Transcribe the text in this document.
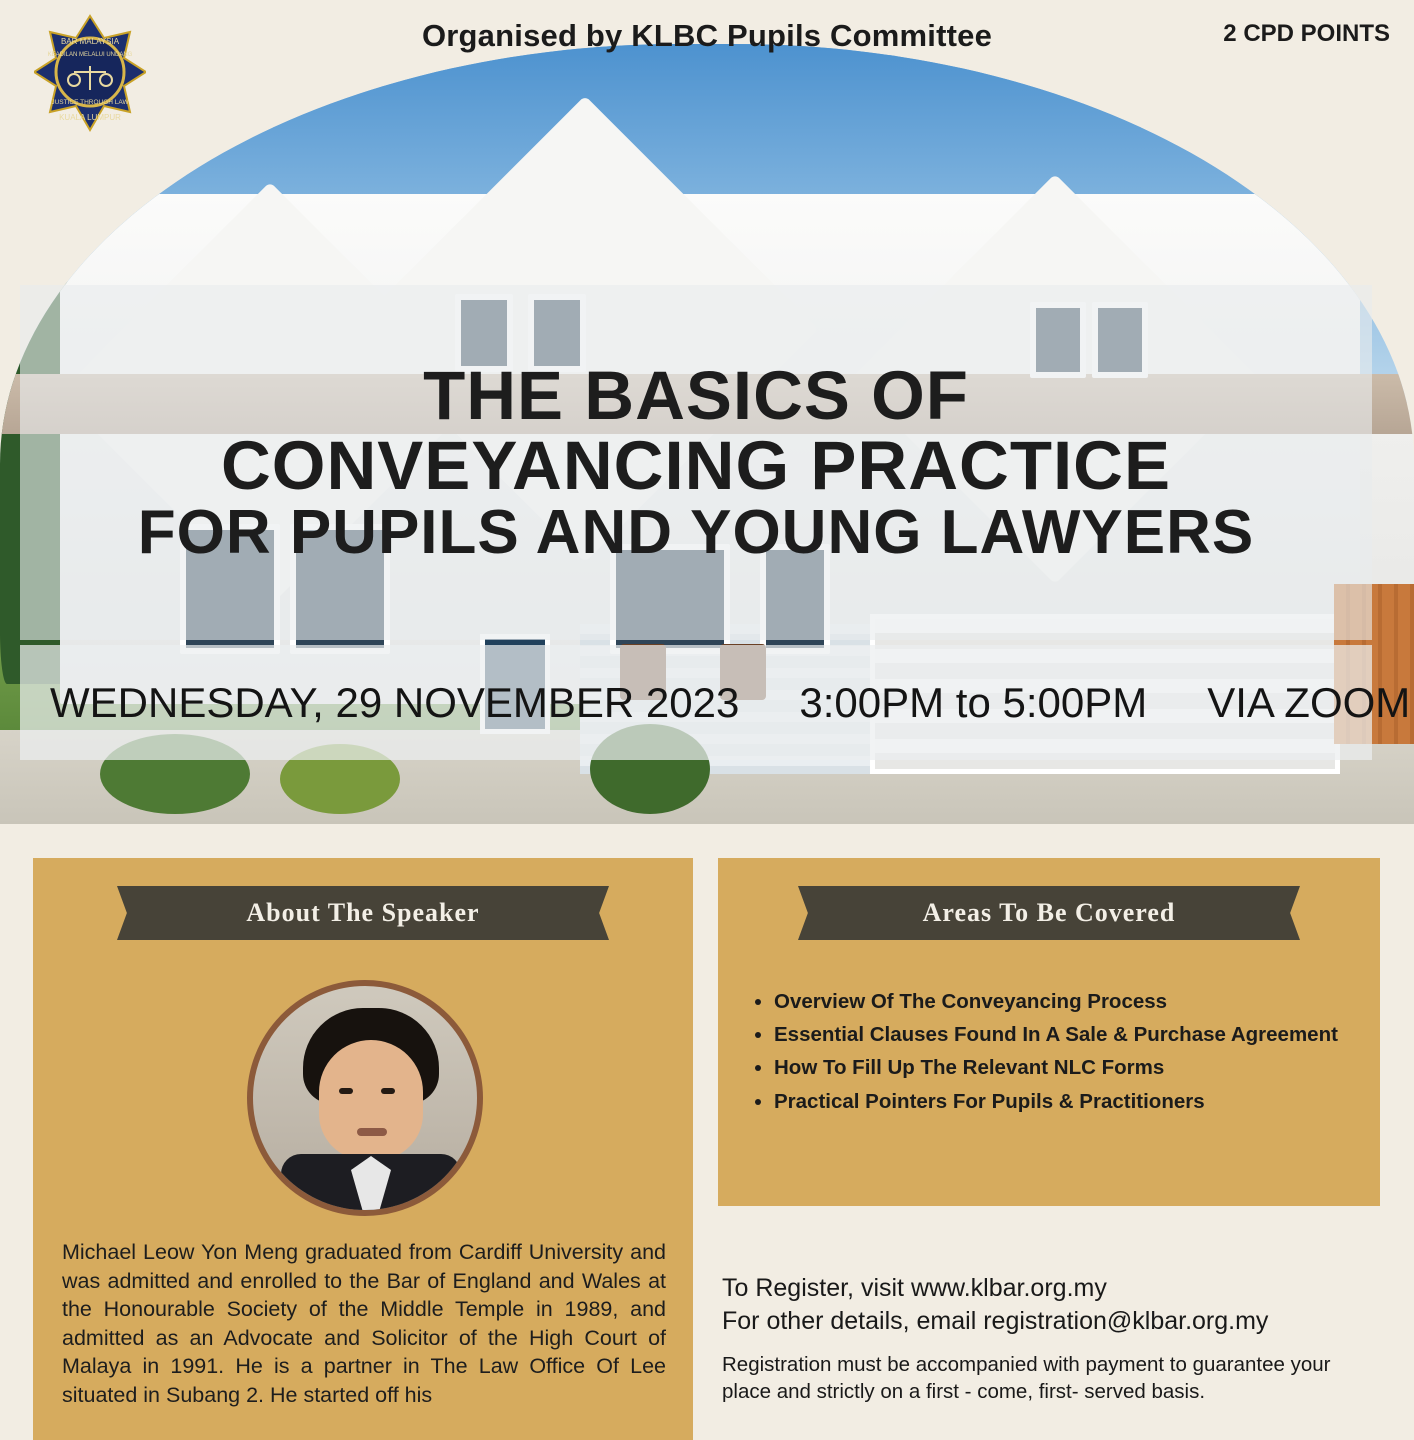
Organised by KLBC Pupils Committee	2 CPD POINTS
BAR MALAYSIA
KEADILAN MELALUI UNDANG
JUSTICE THROUGH LAW
KUALA LUMPUR
THE BASICS OF
CONVEYANCING PRACTICE
FOR PUPILS AND YOUNG LAWYERS
WEDNESDAY, 29 NOVEMBER 2023 3:00PM to 5:00PM VIA ZOOM
About The Speaker
Michael Leow Yon Meng graduated from Cardiff University and was admitted and enrolled to the Bar of England and Wales at the Honourable Society of the Middle Temple in 1989, and admitted as an Advocate and Solicitor of the High Court of Malaya in 1991. He is a partner in The Law Office Of Lee situated in Subang 2. He started off his
Areas To Be Covered
• Overview Of The Conveyancing Process
• Essential Clauses Found In A Sale & Purchase Agreement
• How To Fill Up The Relevant NLC Forms
• Practical Pointers For Pupils & Practitioners
To Register, visit www.klbar.org.my
For other details, email registration@klbar.org.my
Registration must be accompanied with payment to guarantee your place and strictly on a first - come, first- served basis.
